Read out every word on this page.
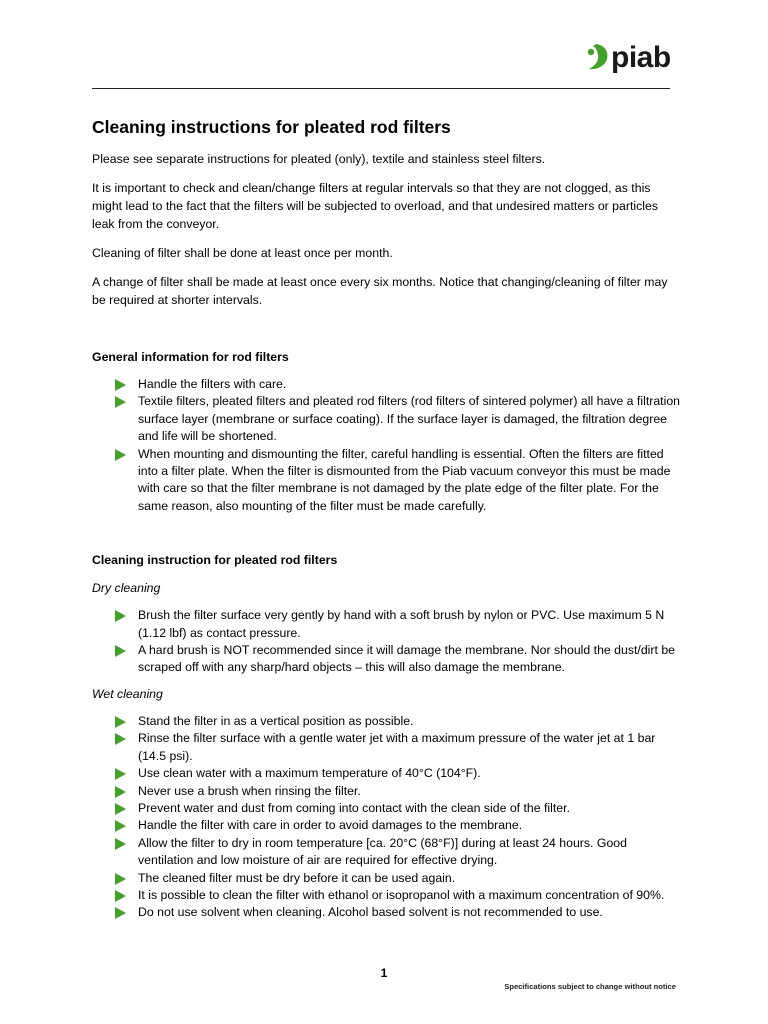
piab
Cleaning instructions for pleated rod filters

Please see separate instructions for pleated (only), textile and stainless steel filters.

It is important to check and clean/change filters at regular intervals so that they are not clogged, as this might lead to the fact that the filters will be subjected to overload, and that undesired matters or particles leak from the conveyor.

Cleaning of filter shall be done at least once per month.

A change of filter shall be made at least once every six months. Notice that changing/cleaning of filter may be required at shorter intervals.

General information for rod filters
Handle the filters with care.
Textile filters, pleated filters and pleated rod filters (rod filters of sintered polymer) all have a filtration surface layer (membrane or surface coating). If the surface layer is damaged, the filtration degree and life will be shortened.
When mounting and dismounting the filter, careful handling is essential. Often the filters are fitted into a filter plate. When the filter is dismounted from the Piab vacuum conveyor this must be made with care so that the filter membrane is not damaged by the plate edge of the filter plate. For the same reason, also mounting of the filter must be made carefully.
Cleaning instruction for pleated rod filters
Dry cleaning
Brush the filter surface very gently by hand with a soft brush by nylon or PVC. Use maximum 5 N (1.12 lbf) as contact pressure.
A hard brush is NOT recommended since it will damage the membrane. Nor should the dust/dirt be scraped off with any sharp/hard objects – this will also damage the membrane.
Wet cleaning
Stand the filter in as a vertical position as possible.
Rinse the filter surface with a gentle water jet with a maximum pressure of the water jet at 1 bar (14.5 psi).
Use clean water with a maximum temperature of 40°C (104°F).
Never use a brush when rinsing the filter.
Prevent water and dust from coming into contact with the clean side of the filter.
Handle the filter with care in order to avoid damages to the membrane.
Allow the filter to dry in room temperature [ca. 20°C (68°F)] during at least 24 hours. Good ventilation and low moisture of air are required for effective drying.
The cleaned filter must be dry before it can be used again.
It is possible to clean the filter with ethanol or isopropanol with a maximum concentration of 90%.
Do not use solvent when cleaning. Alcohol based solvent is not recommended to use.
1
Specifications subject to change without notice
